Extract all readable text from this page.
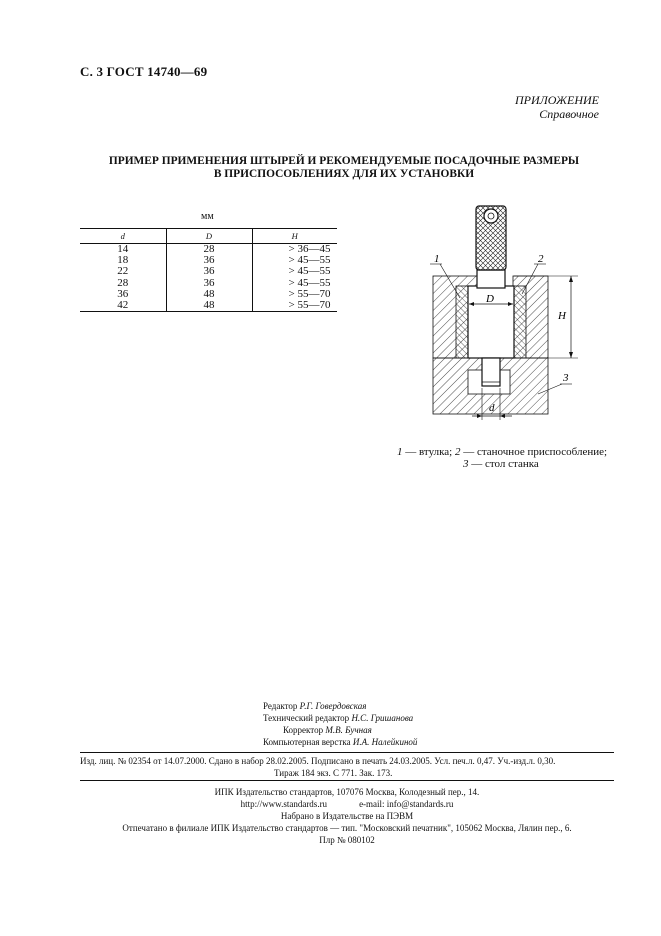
С. 3 ГОСТ 14740—69
ПРИЛОЖЕНИЕ
Справочное
ПРИМЕР ПРИМЕНЕНИЯ ШТЫРЕЙ И РЕКОМЕНДУЕМЫЕ ПОСАДОЧНЫЕ РАЗМЕРЫ
В ПРИСПОСОБЛЕНИЯХ ДЛЯ ИХ УСТАНОВКИ
мм
d	D	H
14	28	> 36—45
18	36	> 45—55
22	36	> 45—55
28	36	> 45—55
36	48	> 55—70
42	48	> 55—70
D
H
d
1	2
3
1 — втулка; 2 — станочное приспособление;
3 — стол станка
Редактор Р.Г. Говердовская
Технический редактор Н.С. Гришанова
Корректор М.В. Бучная
Компьютерная верстка И.А. Налейкиной
Изд. лиц. № 02354 от 14.07.2000. Сдано в набор 28.02.2005. Подписано в печать 24.03.2005. Усл. печ.л. 0,47. Уч.-изд.л. 0,30.
Тираж 184 экз. С 771. Зак. 173.
ИПК Издательство стандартов, 107076 Москва, Колодезный пер., 14.
http://www.standards.ru	e-mail: info@standards.ru
Набрано в Издательстве на ПЭВМ
Отпечатано в филиале ИПК Издательство стандартов — тип. "Московский печатник", 105062 Москва, Лялин пер., 6.
Плр № 080102
